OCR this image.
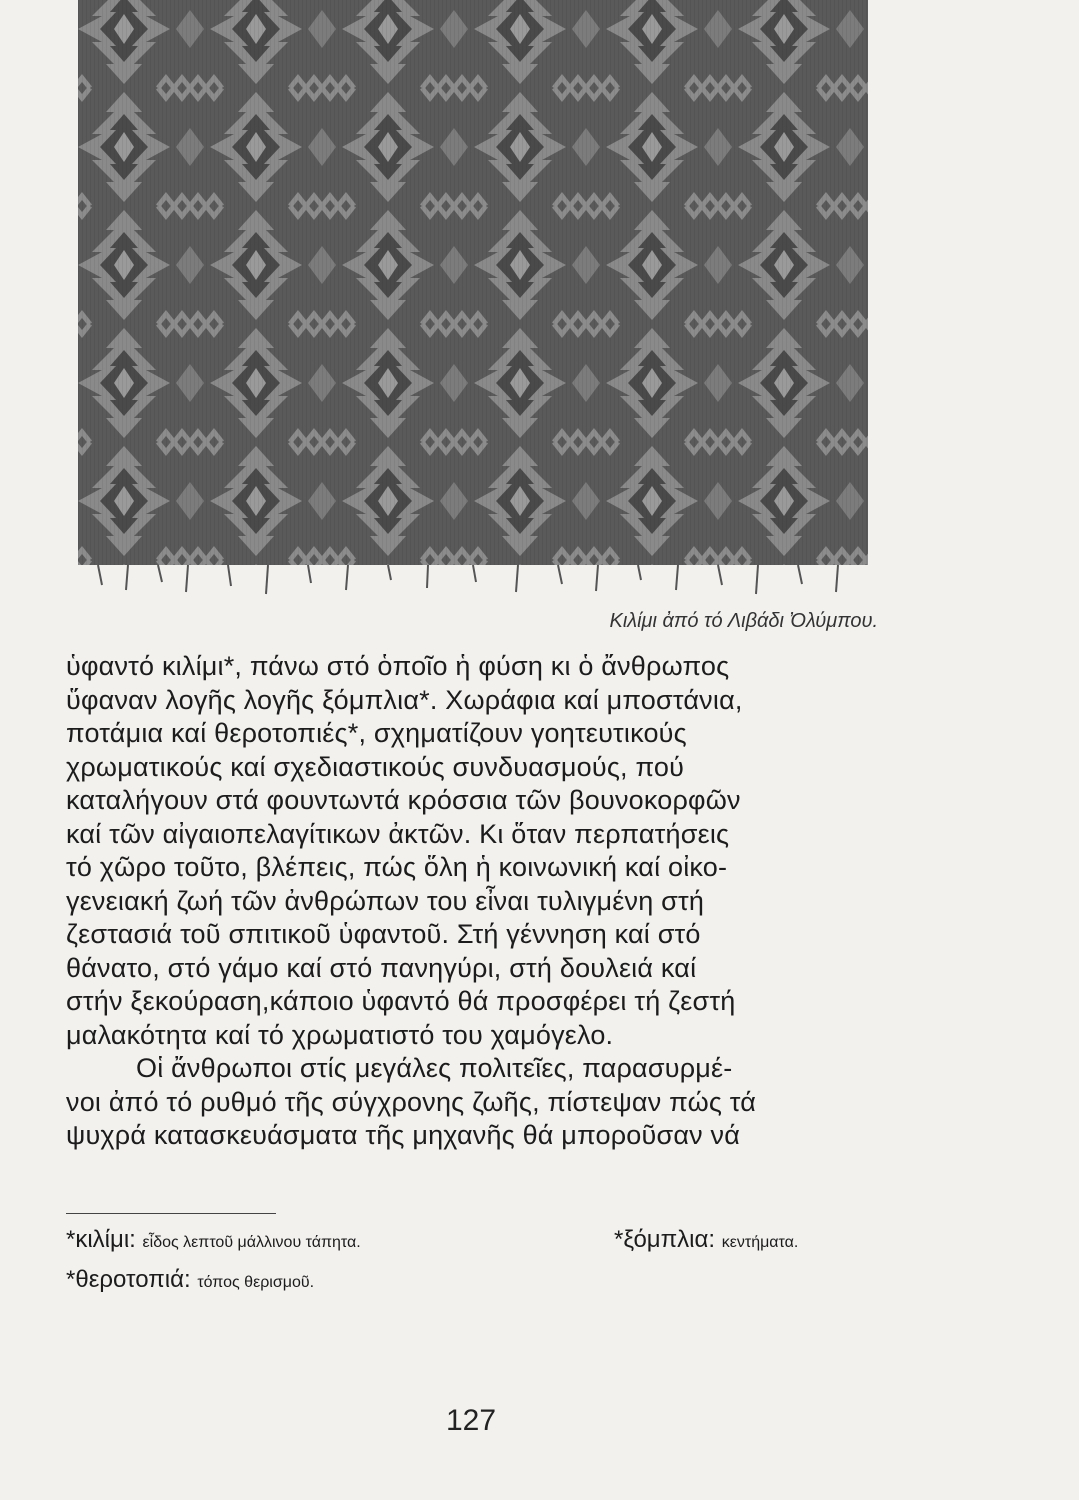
Κιλίμι ἀπό τό Λιβάδι Ὀλύμπου.
ὑφαντό κιλίμι*, πάνω στό ὁποῖο ἡ φύση κι ὁ ἄνθρωπος
ὕφαναν λογῆς λογῆς ξόμπλια*. Χωράφια καί μποστάνια,
ποτάμια καί θεροτοπιές*, σχηματίζουν γοητευτικούς
χρωματικούς καί σχεδιαστικούς συνδυασμούς, πού
καταλήγουν στά φουντωντά κρόσσια τῶν βουνοκορφῶν
καί τῶν αἰγαιοπελαγίτικων ἀκτῶν. Κι ὅταν περπατήσεις
τό χῶρο τοῦτο, βλέπεις, πώς ὅλη ἡ κοινωνική καί οἰκο-
γενειακή ζωή τῶν ἀνθρώπων του εἶναι τυλιγμένη στή
ζεστασιά τοῦ σπιτικοῦ ὑφαντοῦ. Στή γέννηση καί στό
θάνατο, στό γάμο καί στό πανηγύρι, στή δουλειά καί
στήν ξεκούραση,κάποιο ὑφαντό θά προσφέρει τή ζεστή
μαλακότητα καί τό χρωματιστό του χαμόγελο.
Οἱ ἄνθρωποι στίς μεγάλες πολιτεῖες, παρασυρμέ-
νοι ἀπό τό ρυθμό τῆς σύγχρονης ζωῆς, πίστεψαν πώς τά
ψυχρά κατασκευάσματα τῆς μηχανῆς θά μποροῦσαν νά
*κιλίμι: εἶδος λεπτοῦ μάλλινου τάπητα.	*ξόμπλια: κεντήματα.
*θεροτοπιά: τόπος θερισμοῦ.
127
